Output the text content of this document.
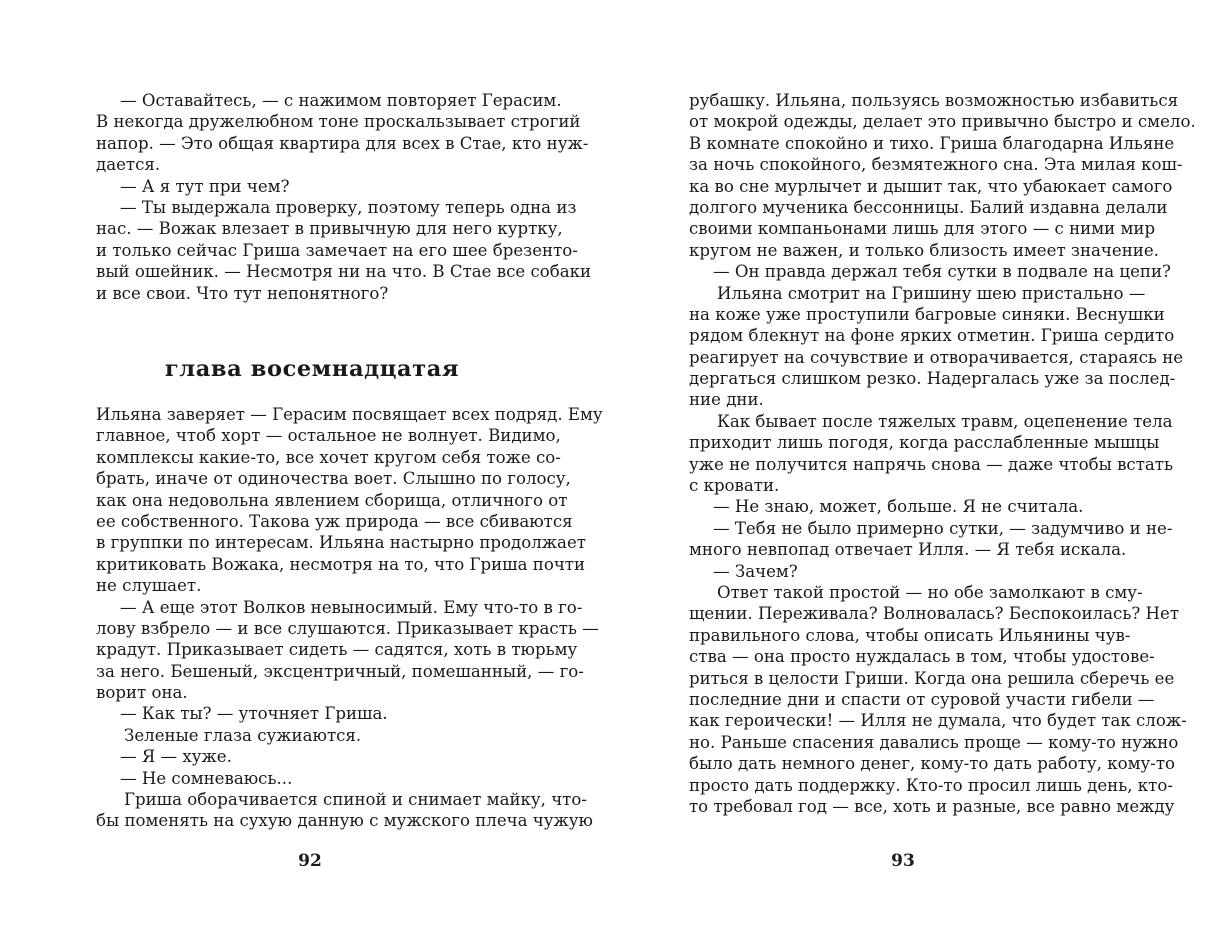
— Оставайтесь, — с нажимом повторяет Герасим.
В некогда дружелюбном тоне проскальзывает строгий
напор. — Это общая квартира для всех в Стае, кто нуж-
дается.
— А я тут при чем?
— Ты выдержала проверку, поэтому теперь одна из
нас. — Вожак влезает в привычную для него куртку,
и только сейчас Гриша замечает на его шее брезенто-
вый ошейник. — Несмотря ни на что. В Стае все собаки
и все свои. Что тут непонятного?
глава восемнадцатая
Ильяна заверяет — Герасим посвящает всех подряд. Ему
главное, чтоб хорт — остальное не волнует. Видимо,
комплексы какие-то, все хочет кругом себя тоже со-
брать, иначе от одиночества воет. Слышно по голосу,
как она недовольна явлением сборища, отличного от
ее собственного. Такова уж природа — все сбиваются
в группки по интересам. Ильяна настырно продолжает
критиковать Вожака, несмотря на то, что Гриша почти
не слушает.
— А еще этот Волков невыносимый. Ему что-то в го-
лову взбрело — и все слушаются. Приказывает красть —
крадут. Приказывает сидеть — садятся, хоть в тюрьму
за него. Бешеный, эксцентричный, помешанный, — го-
ворит она.
— Как ты? — уточняет Гриша.
Зеленые глаза сужиаются.
— Я — хуже.
— Не сомневаюсь...
Гриша оборачивается спиной и снимает майку, что-
бы поменять на сухую данную с мужского плеча чужую
92
рубашку. Ильяна, пользуясь возможностью избавиться
от мокрой одежды, делает это привычно быстро и смело.
В комнате спокойно и тихо. Гриша благодарна Ильяне
за ночь спокойного, безмятежного сна. Эта милая кош-
ка во сне мурлычет и дышит так, что убаюкает самого
долгого мученика бессонницы. Балий издавна делали
своими компаньонами лишь для этого — с ними мир
кругом не важен, и только близость имеет значение.
— Он правда держал тебя сутки в подвале на цепи?
Ильяна смотрит на Гришину шею пристально —
на коже уже проступили багровые синяки. Веснушки
рядом блекнут на фоне ярких отметин. Гриша сердито
реагирует на сочувствие и отворачивается, стараясь не
дергаться слишком резко. Надергалась уже за послед-
ние дни.
Как бывает после тяжелых травм, оцепенение тела
приходит лишь погодя, когда расслабленные мышцы
уже не получится напрячь снова — даже чтобы встать
с кровати.
— Не знаю, может, больше. Я не считала.
— Тебя не было примерно сутки, — задумчиво и не-
много невпопад отвечает Илля. — Я тебя искала.
— Зачем?
Ответ такой простой — но обе замолкают в сму-
щении. Переживала? Волновалась? Беспокоилась? Нет
правильного слова, чтобы описать Ильянины чув-
ства — она просто нуждалась в том, чтобы удостове-
риться в целости Гриши. Когда она решила сберечь ее
последние дни и спасти от суровой участи гибели —
как героически! — Илля не думала, что будет так слож-
но. Раньше спасения давались проще — кому-то нужно
было дать немного денег, кому-то дать работу, кому-то
просто дать поддержку. Кто-то просил лишь день, кто-
то требовал год — все, хоть и разные, все равно между
93
